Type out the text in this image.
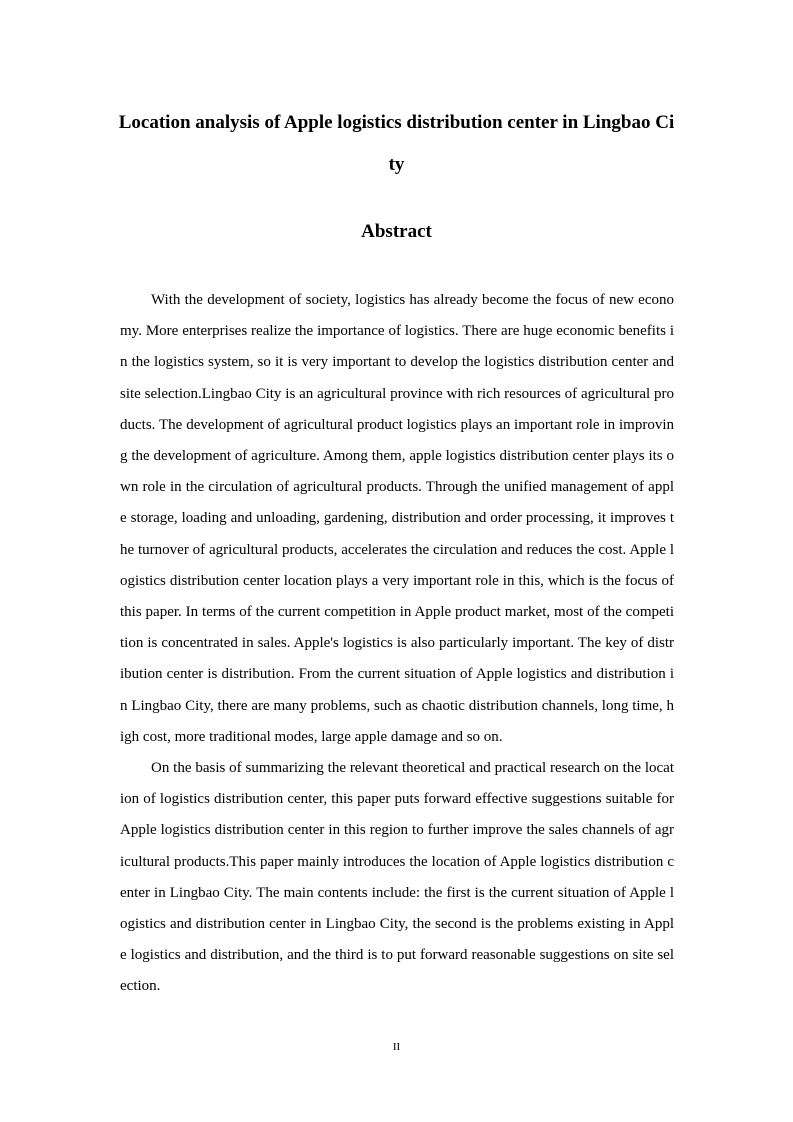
Location analysis of Apple logistics distribution center in Lingbao City
Abstract

With the development of society, logistics has already become the focus of new economy. More enterprises realize the importance of logistics. There are huge economic benefits in the logistics system, so it is very important to develop the logistics distribution center and site selection.Lingbao City is an agricultural province with rich resources of agricultural products. The development of agricultural product logistics plays an important role in improving the development of agriculture. Among them, apple logistics distribution center plays its own role in the circulation of agricultural products. Through the unified management of apple storage, loading and unloading, gardening, distribution and order processing, it improves the turnover of agricultural products, accelerates the circulation and reduces the cost. Apple logistics distribution center location plays a very important role in this, which is the focus of this paper. In terms of the current competition in Apple product market, most of the competition is concentrated in sales. Apple's logistics is also particularly important. The key of distribution center is distribution. From the current situation of Apple logistics and distribution in Lingbao City, there are many problems, such as chaotic distribution channels, long time, high cost, more traditional modes, large apple damage and so on.

On the basis of summarizing the relevant theoretical and practical research on the location of logistics distribution center, this paper puts forward effective suggestions suitable for Apple logistics distribution center in this region to further improve the sales channels of agricultural products.This paper mainly introduces the location of Apple logistics distribution center in Lingbao City. The main contents include: the first is the current situation of Apple logistics and distribution center in Lingbao City, the second is the problems existing in Apple logistics and distribution, and the third is to put forward reasonable suggestions on site selection.

II
